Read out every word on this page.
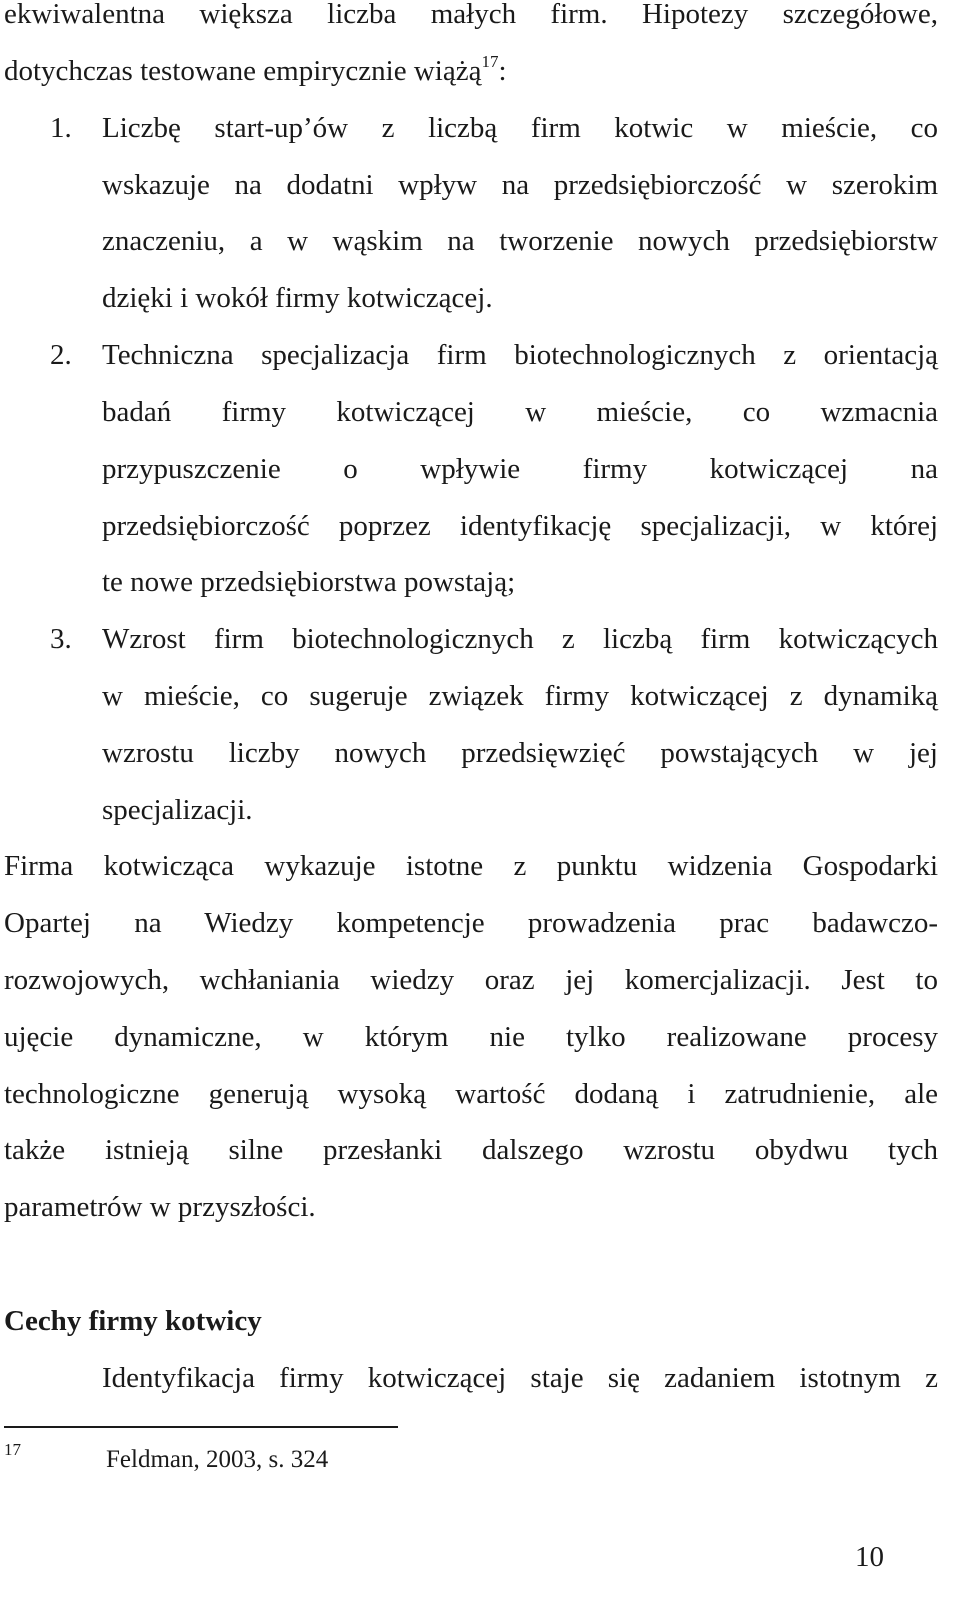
ekwiwalentna większa liczba małych firm. Hipotezy szczegółowe,
dotychczas testowane empirycznie wiążą$^{17}$:
1. Liczbę start-up’ów z liczbą firm kotwic w mieście, co
wskazuje na dodatni wpływ na przedsiębiorczość w szerokim
znaczeniu, a w wąskim na tworzenie nowych przedsiębiorstw
dzięki i wokół firmy kotwiczącej.
2. Techniczna specjalizacja firm biotechnologicznych z orientacją
badań firmy kotwiczącej w mieście, co wzmacnia
przypuszczenie o wpływie firmy kotwiczącej na
przedsiębiorczość poprzez identyfikację specjalizacji, w której
te nowe przedsiębiorstwa powstają;
3. Wzrost firm biotechnologicznych z liczbą firm kotwiczących
w mieście, co sugeruje związek firmy kotwiczącej z dynamiką
wzrostu liczby nowych przedsięwzięć powstających w jej
specjalizacji.
Firma kotwicząca wykazuje istotne z punktu widzenia Gospodarki
Opartej na Wiedzy kompetencje prowadzenia prac badawczo-
rozwojowych, wchłaniania wiedzy oraz jej komercjalizacji. Jest to
ujęcie dynamiczne, w którym nie tylko realizowane procesy
technologiczne generują wysoką wartość dodaną i zatrudnienie, ale
także istnieją silne przesłanki dalszego wzrostu obydwu tych
parametrów w przyszłości.
Cechy firmy kotwicy
Identyfikacja firmy kotwiczącej staje się zadaniem istotnym z
17	Feldman, 2003, s. 324
10
